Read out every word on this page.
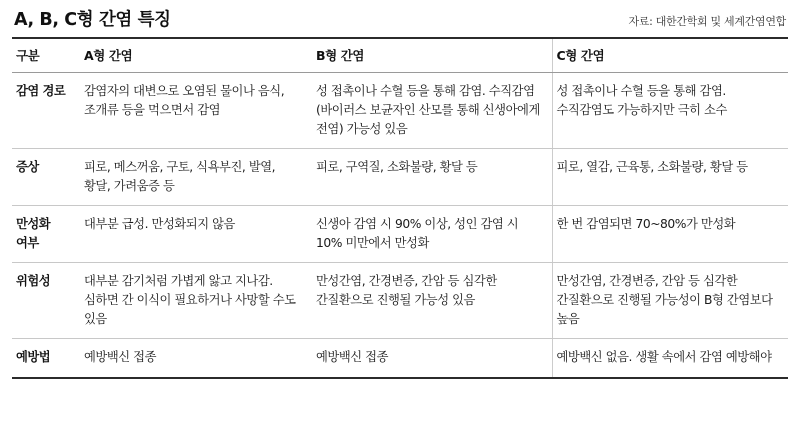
A, B, C형 간염 특징	자료: 대한간학회 및 세계간염연합
구분	A형 간염	B형 간염	C형 간염
감염 경로	감염자의 대변으로 오염된 물이나 음식, 조개류 등을 먹으면서 감염	성 접촉이나 수혈 등을 통해 감염. 수직감염(바이러스 보균자인 산모를 통해 신생아에게 전염) 가능성 있음	성 접촉이나 수혈 등을 통해 감염. 수직감염도 가능하지만 극히 소수
증상	피로, 메스꺼움, 구토, 식욕부진, 발열, 황달, 가려움증 등	피로, 구역질, 소화불량, 황달 등	피로, 열감, 근육통, 소화불량, 황달 등
만성화 여부	대부분 급성. 만성화되지 않음	신생아 감염 시 90% 이상, 성인 감염 시 10% 미만에서 만성화	한 번 감염되면 70~80%가 만성화
위험성	대부분 감기처럼 가볍게 앓고 지나감. 심하면 간 이식이 필요하거나 사망할 수도 있음	만성간염, 간경변증, 간암 등 심각한 간질환으로 진행될 가능성 있음	만성간염, 간경변증, 간암 등 심각한 간질환으로 진행될 가능성이 B형 간염보다 높음
예방법	예방백신 접종	예방백신 접종	예방백신 없음. 생활 속에서 감염 예방해야
